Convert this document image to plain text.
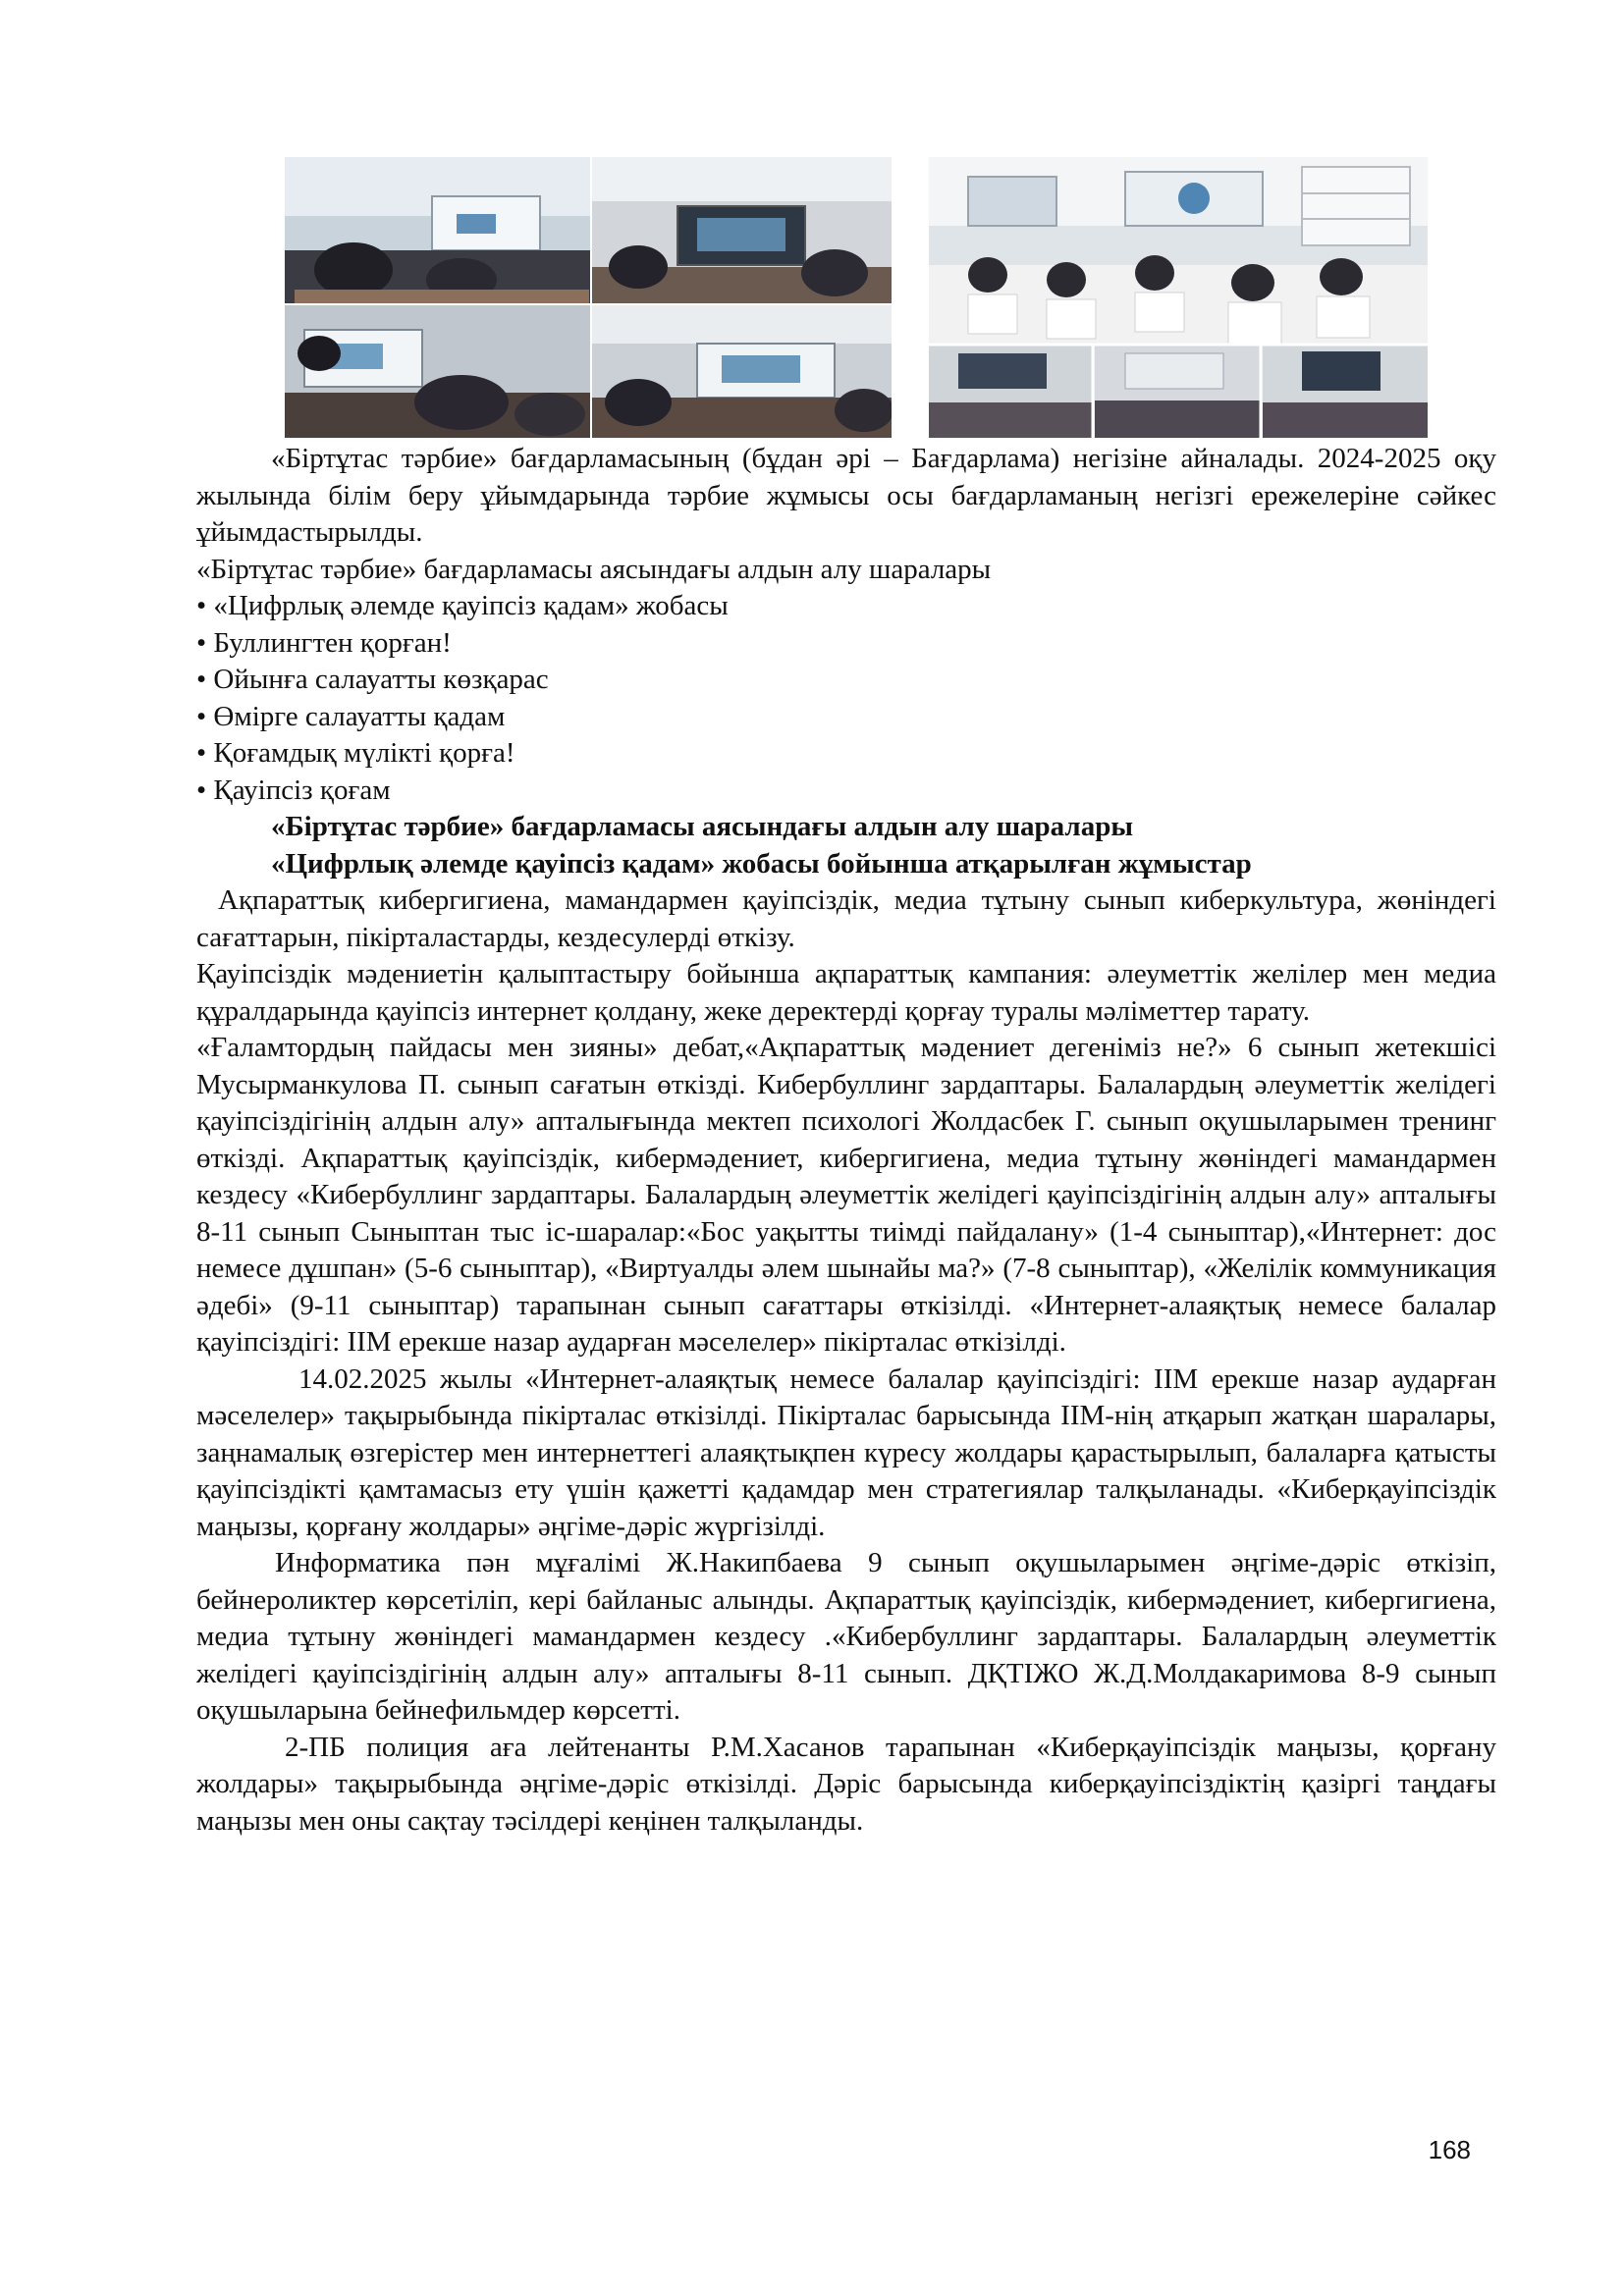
«Біртұтас тәрбие» бағдарламасының (бұдан әрі – Бағдарлама) негізіне айналады. 2024-2025 оқу жылында білім беру ұйымдарында тәрбие жұмысы осы бағдарламаның негізгі ережелеріне сәйкес ұйымдастырылды.

«Біртұтас тәрбие» бағдарламасы аясындағы алдын алу шаралары

• «Цифрлық әлемде қауіпсіз қадам» жобасы
• Буллингтен қорған!
• Ойынға салауатты көзқарас
• Өмірге салауатты қадам
• Қоғамдық мүлікті қорға!
• Қауіпсіз қоғам

«Біртұтас тәрбие» бағдарламасы аясындағы алдын алу шаралары

«Цифрлық әлемде қауіпсіз қадам» жобасы бойынша атқарылған жұмыстар

Ақпараттық кибергигиена, мамандармен қауіпсіздік, медиа тұтыну сынып киберкультура, жөніндегі сағаттарын, пікірталастарды, кездесулерді өткізу.

Қауіпсіздік мәдениетін қалыптастыру бойынша ақпараттық кампания: әлеуметтік желілер мен медиа құралдарында қауіпсіз интернет қолдану, жеке деректерді қорғау туралы мәліметтер тарату.

«Ғаламтордың пайдасы мен зияны» дебат,«Ақпараттық мәдениет дегеніміз не?» 6 сынып жетекшісі Мусырманкулова П. сынып сағатын өткізді. Кибербуллинг зардаптары. Балалардың әлеуметтік желідегі қауіпсіздігінің алдын алу» апталығында мектеп психологі Жолдасбек Г. сынып оқушыларымен тренинг өткізді. Ақпараттық қауіпсіздік, кибермәдениет, кибергигиена, медиа тұтыну жөніндегі мамандармен кездесу «Кибербуллинг зардаптары. Балалардың әлеуметтік желідегі қауіпсіздігінің алдын алу» апталығы 8-11 сынып Сыныптан тыс іс-шаралар:«Бос уақытты тиімді пайдалану» (1-4 сыныптар),«Интернет: дос немесе дұшпан» (5-6 сыныптар), «Виртуалды әлем шынайы ма?» (7-8 сыныптар), «Желілік коммуникация әдебі» (9-11 сыныптар) тарапынан сынып сағаттары өткізілді. «Интернет-алаяқтық немесе балалар қауіпсіздігі: ІІМ ерекше назар аударған мәселелер» пікірталас өткізілді.

14.02.2025 жылы «Интернет-алаяқтық немесе балалар қауіпсіздігі: ІІМ ерекше назар аударған мәселелер» тақырыбында пікірталас өткізілді. Пікірталас барысында ІІМ-нің атқарып жатқан шаралары, заңнамалық өзгерістер мен интернеттегі алаяқтықпен күресу жолдары қарастырылып, балаларға қатысты қауіпсіздікті қамтамасыз ету үшін қажетті қадамдар мен стратегиялар талқыланады. «Киберқауіпсіздік маңызы, қорғану жолдары» әңгіме-дәріс жүргізілді.

Информатика пән мұғалімі Ж.Накипбаева 9 сынып оқушыларымен әңгіме-дәріс өткізіп, бейнероликтер көрсетіліп, кері байланыс алынды. Ақпараттық қауіпсіздік, кибермәдениет, кибергигиена, медиа тұтыну жөніндегі мамандармен кездесу .«Кибербуллинг зардаптары. Балалардың әлеуметтік желідегі қауіпсіздігінің алдын алу» апталығы 8-11 сынып. ДҚТІЖО Ж.Д.Молдакаримова 8-9 сынып оқушыларына бейнефильмдер көрсетті.

2-ПБ полиция аға лейтенанты Р.М.Хасанов тарапынан «Киберқауіпсіздік маңызы, қорғану жолдары» тақырыбында әңгіме-дәріс өткізілді. Дәріс барысында киберқауіпсіздіктің қазіргі таңдағы маңызы мен оны сақтау тәсілдері кеңінен талқыланды.

168
